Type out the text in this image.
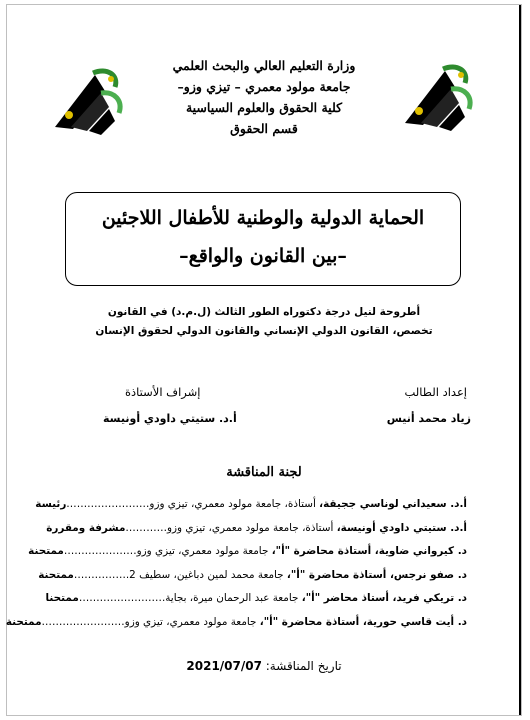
وزارة التعليم العالي والبحث العلمي
جامعة مولود معمري – تيزي وزو–
كلية الحقوق والعلوم السياسية
قسم الحقوق
الحماية الدولية والوطنية للأطفال اللاجئين
–بين القانون والواقع–
أطروحة لنيل درجة دكتوراه الطور الثالث (ل.م.د) في القانون
تخصص، القانون الدولي الإنساني والقانون الدولي لحقوق الإنسان
إعداد الطالب
زياد محمد أنيس
إشراف الأستاذة
أ.د. ستيتي داودي أونيسة
لجنة المناقشة
أ.د. سعيداني لوناسي ججيقة، أستاذة، جامعة مولود معمري، تيزي وزو……………………رئيسة
أ.د. ستيتي داودي أونيسة، أستاذة، جامعة مولود معمري، تيزي وزو…………مشرفة ومقررة
د. كيرواني ضاوية، أستاذة محاضرة "أ"، جامعة مولود معمري، تيزي وزو…………………ممتحنة
د. صفو نرجس، أستاذة محاضرة "أ"، جامعة محمد لمين دباغين، سطيف 2.……………ممتحنة
د. تريكي فريد، أستاذ محاضر "أ"، جامعة عبد الرحمان ميرة، بجاية.……………………ممتحنا
د. أيت قاسي حورية، أستاذة محاضرة "أ"، جامعة مولود معمري، تيزي وزو……………………ممتحنة
تاريخ المناقشة: 2021/07/07
